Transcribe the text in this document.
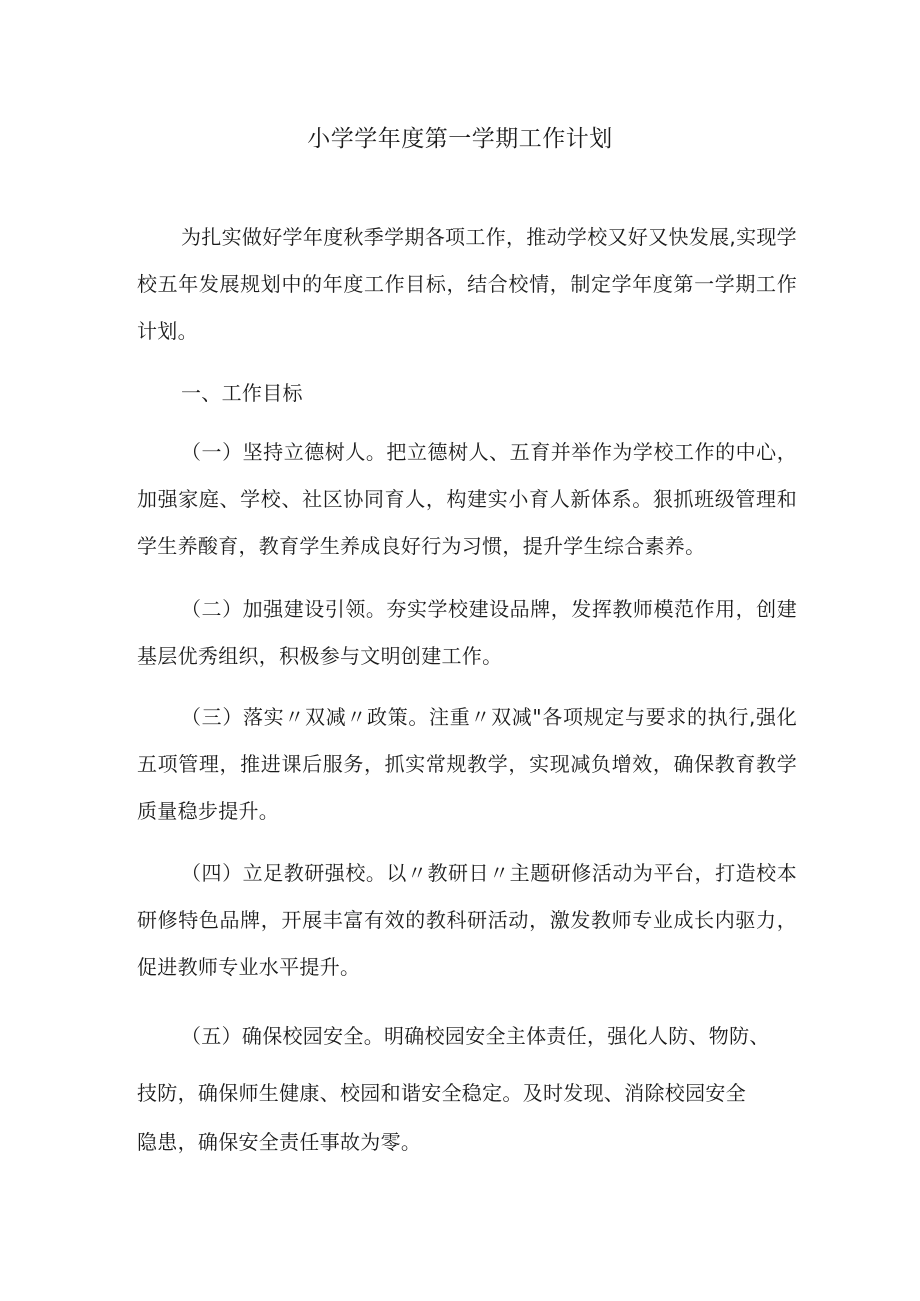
小学学年度第一学期工作计划

为扎实做好学年度秋季学期各项工作，推动学校又好又快发展,实现学校五年发展规划中的年度工作目标，结合校情，制定学年度第一学期工作计划。

一、工作目标

（一）坚持立德树人。把立德树人、五育并举作为学校工作的中心，加强家庭、学校、社区协同育人，构建实小育人新体系。狠抓班级管理和学生养酸育，教育学生养成良好行为习惯，提升学生综合素养。

（二）加强建设引领。夯实学校建设品牌，发挥教师模范作用，创建基层优秀组织，积极参与文明创建工作。

（三）落实〃双减〃政策。注重〃双减"各项规定与要求的执行,强化五项管理，推进课后服务，抓实常规教学，实现减负增效，确保教育教学质量稳步提升。

（四）立足教研强校。以〃教研日〃主题研修活动为平台，打造校本研修特色品牌，开展丰富有效的教科研活动，激发教师专业成长内驱力，促进教师专业水平提升。

（五）确保校园安全。明确校园安全主体责任，强化人防、物防、
技防，确保师生健康、校园和谐安全稳定。及时发现、消除校园安全
隐患，确保安全责任事故为零。
